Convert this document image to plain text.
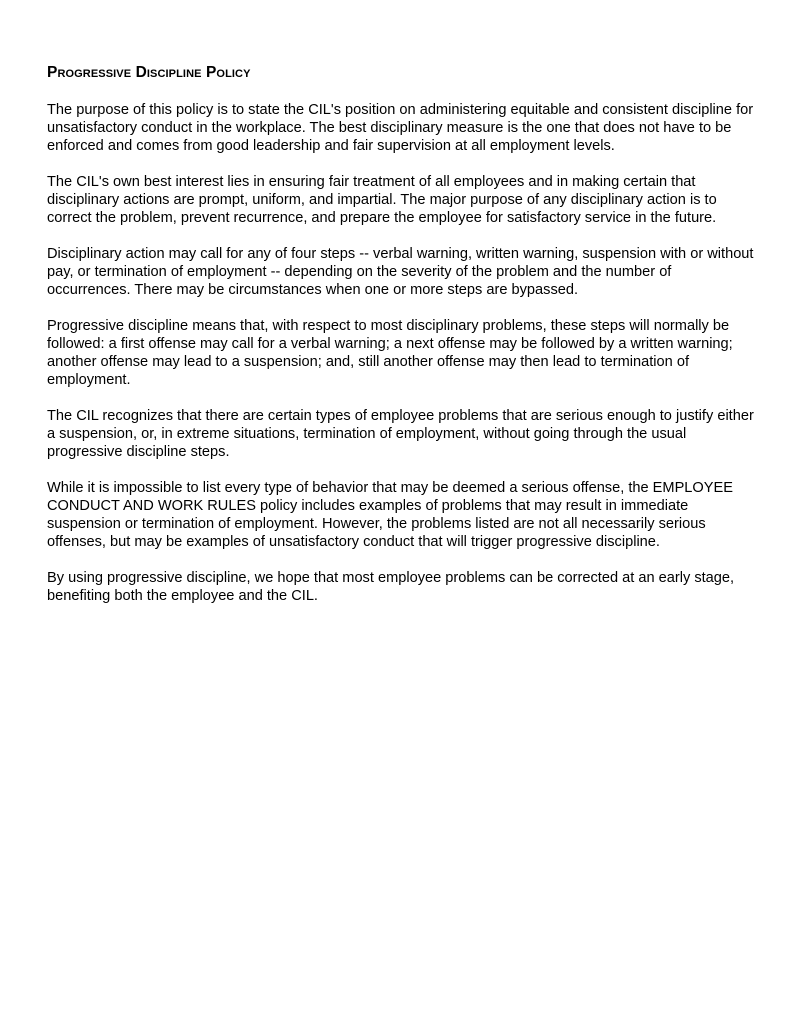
Progressive Discipline Policy

The purpose of this policy is to state the CIL's position on administering equitable and consistent discipline for unsatisfactory conduct in the workplace. The best disciplinary measure is the one that does not have to be enforced and comes from good leadership and fair supervision at all employment levels.

The CIL's own best interest lies in ensuring fair treatment of all employees and in making certain that disciplinary actions are prompt, uniform, and impartial. The major purpose of any disciplinary action is to correct the problem, prevent recurrence, and prepare the employee for satisfactory service in the future.

Disciplinary action may call for any of four steps -- verbal warning, written warning, suspension with or without pay, or termination of employment -- depending on the severity of the problem and the number of occurrences. There may be circumstances when one or more steps are bypassed.

Progressive discipline means that, with respect to most disciplinary problems, these steps will normally be followed: a first offense may call for a verbal warning; a next offense may be followed by a written warning; another offense may lead to a suspension; and, still another offense may then lead to termination of employment.

The CIL recognizes that there are certain types of employee problems that are serious enough to justify either a suspension, or, in extreme situations, termination of employment, without going through the usual progressive discipline steps.

While it is impossible to list every type of behavior that may be deemed a serious offense, the EMPLOYEE CONDUCT AND WORK RULES policy includes examples of problems that may result in immediate suspension or termination of employment. However, the problems listed are not all necessarily serious offenses, but may be examples of unsatisfactory conduct that will trigger progressive discipline.

By using progressive discipline, we hope that most employee problems can be corrected at an early stage, benefiting both the employee and the CIL.
